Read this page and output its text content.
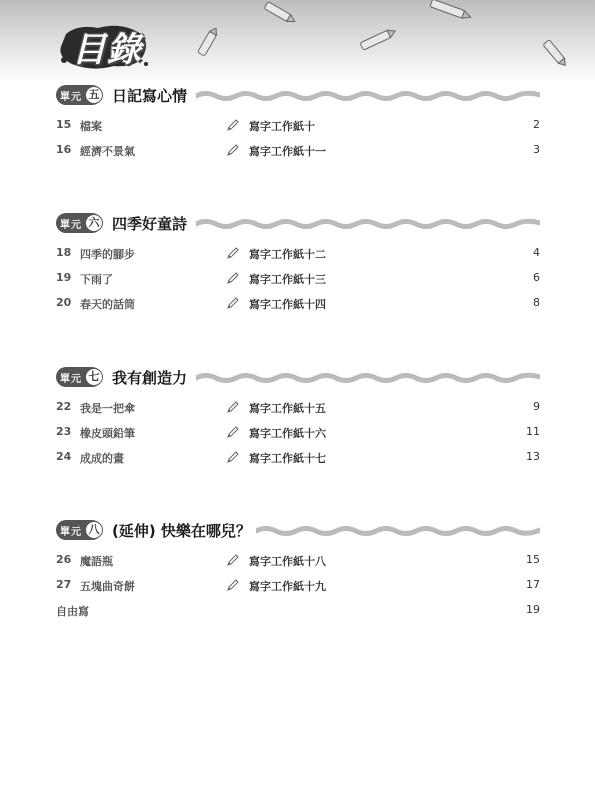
目錄
單 元 五 日記寫心情
15 檔案	寫字工作紙十	2
16 經濟不景氣	寫字工作紙十一	3
單 元 六 四季好童詩
18 四季的腳步	寫字工作紙十二	4
19 下雨了	寫字工作紙十三	6
20 春天的話筒	寫字工作紙十四	8
單 元 七 我有創造力
22 我是一把傘	寫字工作紙十五	9
23 橡皮頭鉛筆	寫字工作紙十六	11
24 成成的畫	寫字工作紙十七	13
單 元 八 (延伸) 快樂在哪兒？
26 魔語瓶	寫字工作紙十八	15
27 五塊曲奇餅	寫字工作紙十九	17
自由寫	19
